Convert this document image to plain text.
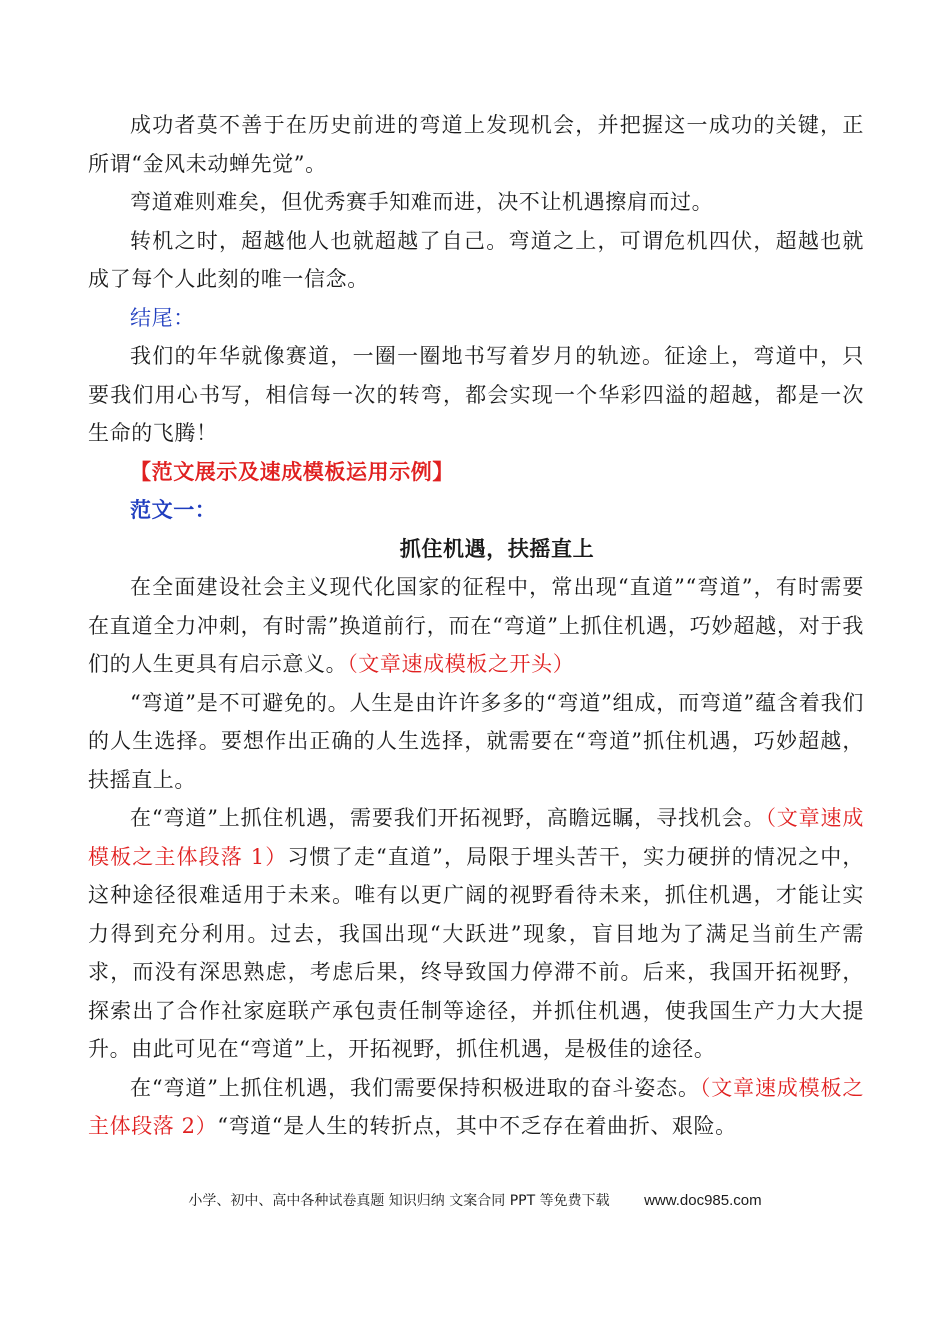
成功者莫不善于在历史前进的弯道上发现机会，并把握这一成功的关键，正所谓“金风未动蝉先觉”。

弯道难则难矣，但优秀赛手知难而进，决不让机遇擦肩而过。

转机之时，超越他人也就超越了自己。弯道之上，可谓危机四伏，超越也就成了每个人此刻的唯一信念。

结尾：

我们的年华就像赛道，一圈一圈地书写着岁月的轨迹。征途上，弯道中，只要我们用心书写，相信每一次的转弯，都会实现一个华彩四溢的超越，都是一次生命的飞腾！

【范文展示及速成模板运用示例】

范文一：

抓住机遇，扶摇直上

在全面建设社会主义现代化国家的征程中，常出现“直道”“弯道”，有时需要在直道全力冲刺，有时需”换道前行，而在“弯道”上抓住机遇，巧妙超越，对于我们的人生更具有启示意义。（文章速成模板之开头）

“弯道”是不可避免的。人生是由许许多多的“弯道”组成，而弯道”蕴含着我们的人生选择。要想作出正确的人生选择，就需要在“弯道”抓住机遇，巧妙超越，扶摇直上。

在“弯道”上抓住机遇，需要我们开拓视野，高瞻远瞩，寻找机会。（文章速成模板之主体段落 1）习惯了走“直道”，局限于埋头苦干，实力硬拼的情况之中，这种途径很难适用于未来。唯有以更广阔的视野看待未来，抓住机遇，才能让实力得到充分利用。过去，我国出现“大跃进”现象，盲目地为了满足当前生产需求，而没有深思熟虑，考虑后果，终导致国力停滞不前。后来，我国开拓视野，探索出了合作社家庭联产承包责任制等途径，并抓住机遇，使我国生产力大大提升。由此可见在“弯道”上，开拓视野，抓住机遇，是极佳的途径。

在“弯道”上抓住机遇，我们需要保持积极进取的奋斗姿态。（文章速成模板之主体段落 2）“弯道“是人生的转折点，其中不乏存在着曲折、艰险。

小学、初中、高中各种试卷真题 知识归纳 文案合同 PPT 等免费下载 www.doc985.com
